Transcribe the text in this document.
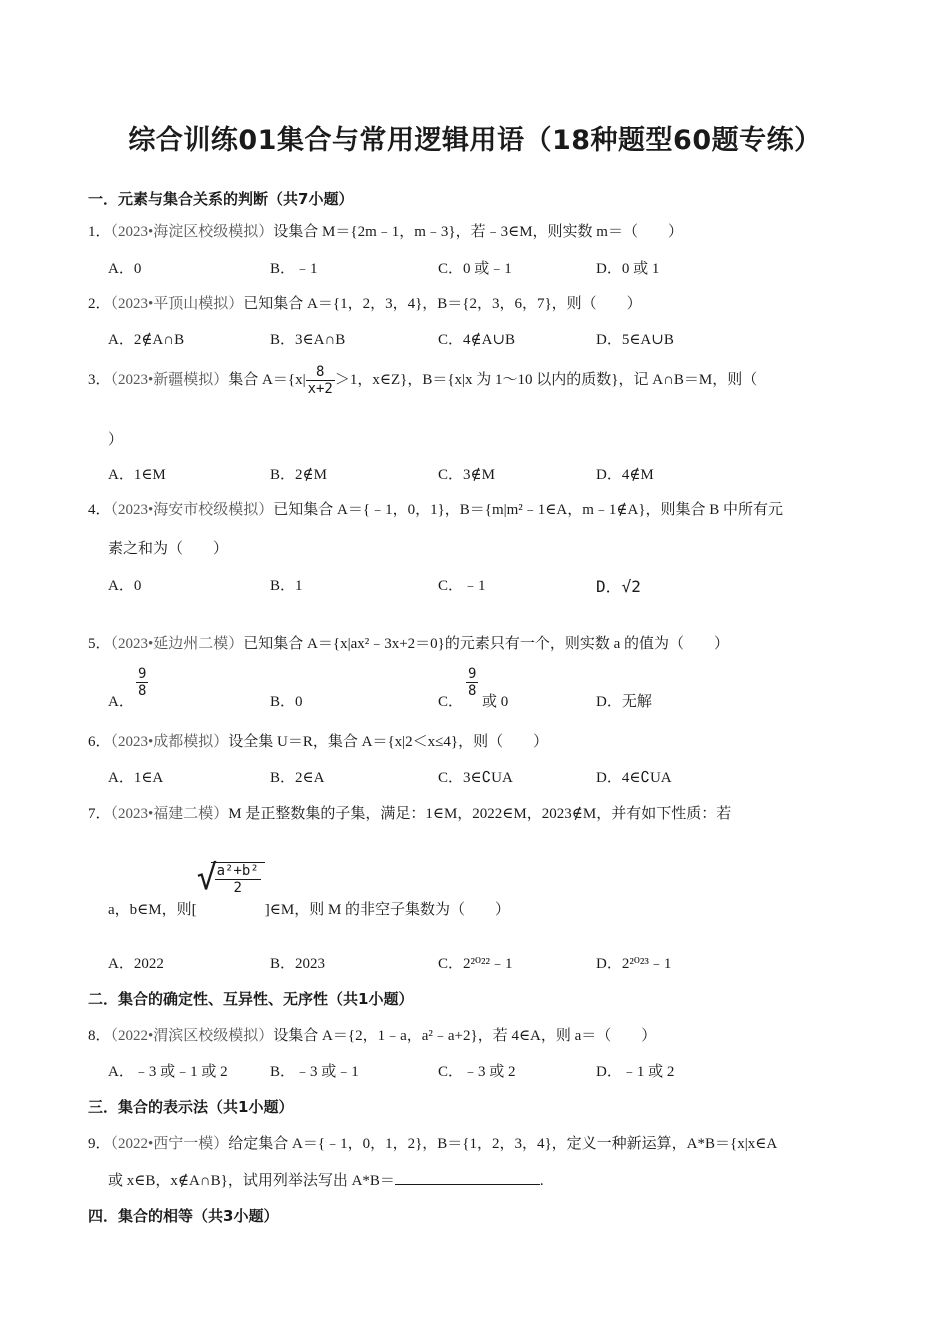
综合训练01集合与常用逻辑用语（18种题型60题专练）
一．元素与集合关系的判断（共7小题）
1．（2023•海淀区校级模拟）设集合 M＝{2m﹣1，m﹣3}，若﹣3∈M，则实数 m＝（　　）
A．0	B．﹣1	C．0 或﹣1	D．0 或 1
2．（2023•平顶山模拟）已知集合 A＝{1，2，3，4}，B＝{2，3，6，7}，则（　　）
A．2∉A∩B	B．3∈A∩B	C．4∉A∪B	D．5∈A∪B
3．（2023•新疆模拟）集合 $A=\{x| \frac{8}{x+2} >1$，x∈Z}，B＝{x|x 为 1～10 以内的质数}，记 A∩B＝M，则（
）
A．1∈M	B．2∉M	C．3∉M	D．4∉M
4．（2023•海安市校级模拟）已知集合 A＝{﹣1，0，1}，B＝{m|m²﹣1∈A，m﹣1∉A}，则集合 B 中所有元
素之和为（　　）
A．0	B．1	C．﹣1	D．√2
5．（2023•延边州二模）已知集合 A＝{x|ax²﹣3x+2＝0}的元素只有一个，则实数 a 的值为（　　）
A．
$\frac{9}{8}$
B．0	C．
$\frac{9}{8}$
或 0	D．无解
6．（2023•成都模拟）设全集 U＝R，集合 A＝{x|2＜x≤4}，则（　　）
A．1∈A	B．2∈A	C．3∈∁UA	D．4∈∁UA
7．（2023•福建二模）M 是正整数集的子集，满足：1∈M，2022∈M，2023∉M，并有如下性质：若
a，b∈M，则[
√
$\frac{\text{a²+b²}}{2}$
]∈M，则 M 的非空子集数为（　　）
A．2022	B．2023	C．2²⁰²²﹣1	D．2²⁰²³﹣1
二．集合的确定性、互异性、无序性（共1小题）
8．（2022•渭滨区校级模拟）设集合 A＝{2，1﹣a，a²﹣a+2}，若 4∈A，则 a＝（　　）
A．﹣3 或﹣1 或 2	B．﹣3 或﹣1	C．﹣3 或 2	D．﹣1 或 2
三．集合的表示法（共1小题）
9．（2022•西宁一模）给定集合 A＝{﹣1，0，1，2}，B＝{1，2，3，4}，定义一种新运算，A*B＝{x|x∈A
或 x∈B，x∉A∩B}，试用列举法写出 A*B＝	.
四．集合的相等（共3小题）
